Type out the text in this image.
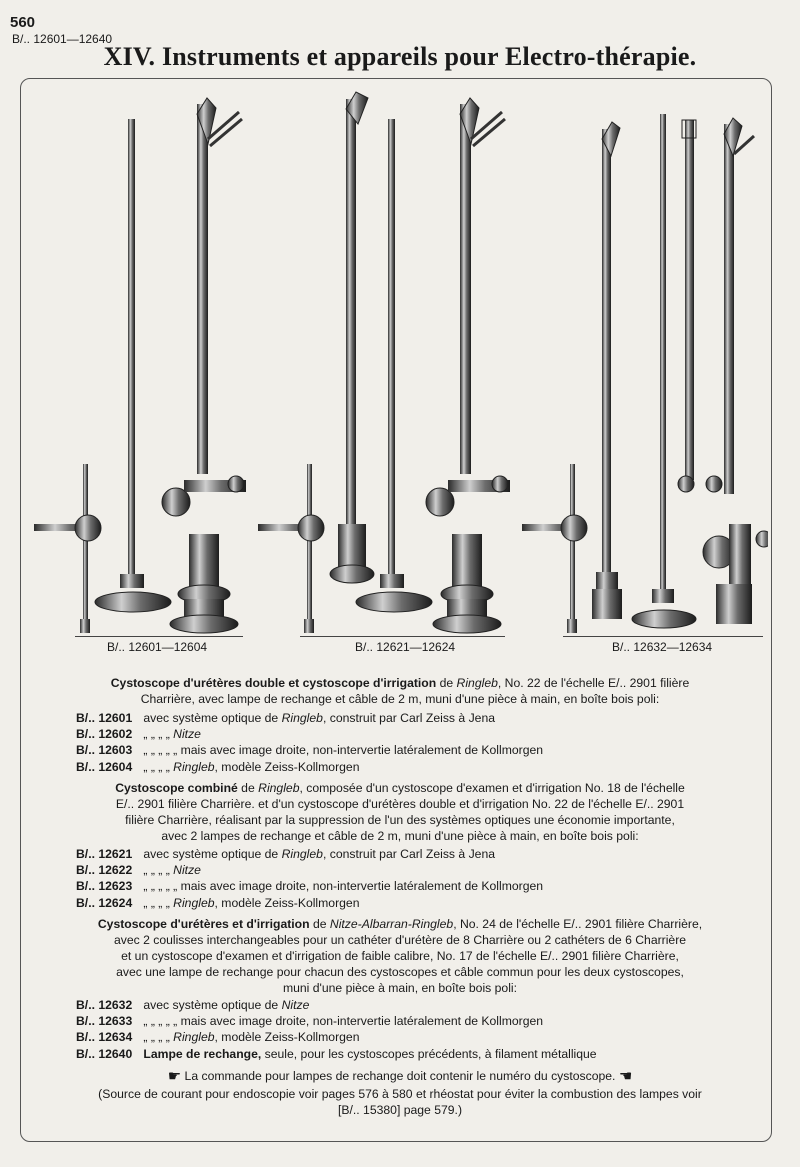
560
B/.. 12601—12640
XIV. Instruments et appareils pour Electro-thérapie.
B/.. 12601—12604	B/.. 12621—12624	B/.. 12632—12634
Cystoscope d'urétères double et cystoscope d'irrigation de Ringleb, No. 22 de l'échelle E/.. 2901 filière
Charrière, avec lampe de rechange et câble de 2 m, muni d'une pièce à main, en boîte bois poli:
B/.. 12601 avec système optique de Ringleb, construit par Carl Zeiss à Jena
B/.. 12602 „ „ „ „ Nitze
B/.. 12603 „ „ „ „ „ mais avec image droite, non-intervertie latéralement de Kollmorgen
B/.. 12604 „ „ „ „ Ringleb, modèle Zeiss-Kollmorgen
Cystoscope combiné de Ringleb, composée d'un cystoscope d'examen et d'irrigation No. 18 de l'échelle
E/.. 2901 filière Charrière. et d'un cystoscope d'urétères double et d'irrigation No. 22 de l'échelle E/.. 2901
filière Charrière, réalisant par la suppression de l'un des systèmes optiques une économie importante,
avec 2 lampes de rechange et câble de 2 m, muni d'une pièce à main, en boîte bois poli:
B/.. 12621 avec système optique de Ringleb, construit par Carl Zeiss à Jena
B/.. 12622 „ „ „ „ Nitze
B/.. 12623 „ „ „ „ „ mais avec image droite, non-intervertie latéralement de Kollmorgen
B/.. 12624 „ „ „ „ Ringleb, modèle Zeiss-Kollmorgen
Cystoscope d'urétères et d'irrigation de Nitze-Albarran-Ringleb, No. 24 de l'échelle E/.. 2901 filière Charrière,
avec 2 coulisses interchangeables pour un cathéter d'urétère de 8 Charrière ou 2 cathéters de 6 Charrière
et un cystoscope d'examen et d'irrigation de faible calibre, No. 17 de l'échelle E/.. 2901 filière Charrière,
avec une lampe de rechange pour chacun des cystoscopes et câble commun pour les deux cystoscopes,
muni d'une pièce à main, en boîte bois poli:
B/.. 12632 avec système optique de Nitze
B/.. 12633 „ „ „ „ „ mais avec image droite, non-intervertie latéralement de Kollmorgen
B/.. 12634 „ „ „ „ Ringleb, modèle Zeiss-Kollmorgen
B/.. 12640 Lampe de rechange, seule, pour les cystoscopes précédents, à filament métallique
☛ La commande pour lampes de rechange doit contenir le numéro du cystoscope. ☚
(Source de courant pour endoscopie voir pages 576 à 580 et rhéostat pour éviter la combustion des lampes voir
[B/.. 15380] page 579.)
